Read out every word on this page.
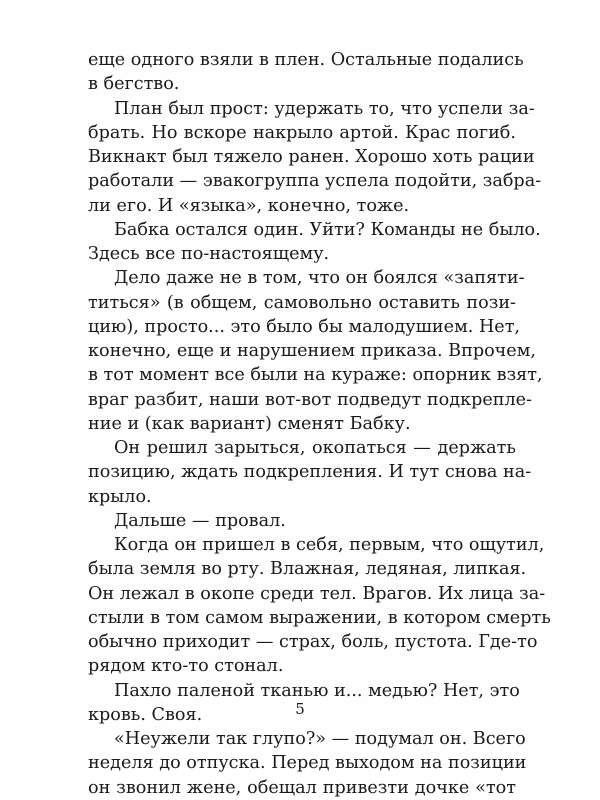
еще одного взяли в плен. Остальные подались
в бегство.
План был прост: удержать то, что успели за-
брать. Но вскоре накрыло артой. Крас погиб.
Викнакт был тяжело ранен. Хорошо хоть рации
работали — эвакогруппа успела подойти, забра-
ли его. И «языка», конечно, тоже.
Бабка остался один. Уйти? Команды не было.
Здесь все по-настоящему.
Дело даже не в том, что он боялся «запяти-
титься» (в общем, самовольно оставить пози-
цию), просто... это было бы малодушием. Нет,
конечно, еще и нарушением приказа. Впрочем,
в тот момент все были на кураже: опорник взят,
враг разбит, наши вот-вот подведут подкрепле-
ние и (как вариант) сменят Бабку.
Он решил зарыться, окопаться — держать
позицию, ждать подкрепления. И тут снова на-
крыло.
Дальше — провал.
Когда он пришел в себя, первым, что ощутил,
была земля во рту. Влажная, ледяная, липкая.
Он лежал в окопе среди тел. Врагов. Их лица за-
стыли в том самом выражении, в котором смерть
обычно приходит — страх, боль, пустота. Где-то
рядом кто-то стонал.
Пахло паленой тканью и... медью? Нет, это
кровь. Своя.
«Неужели так глупо?» — подумал он. Всего
неделя до отпуска. Перед выходом на позиции
он звонил жене, обещал привезти дочке «тот
5
